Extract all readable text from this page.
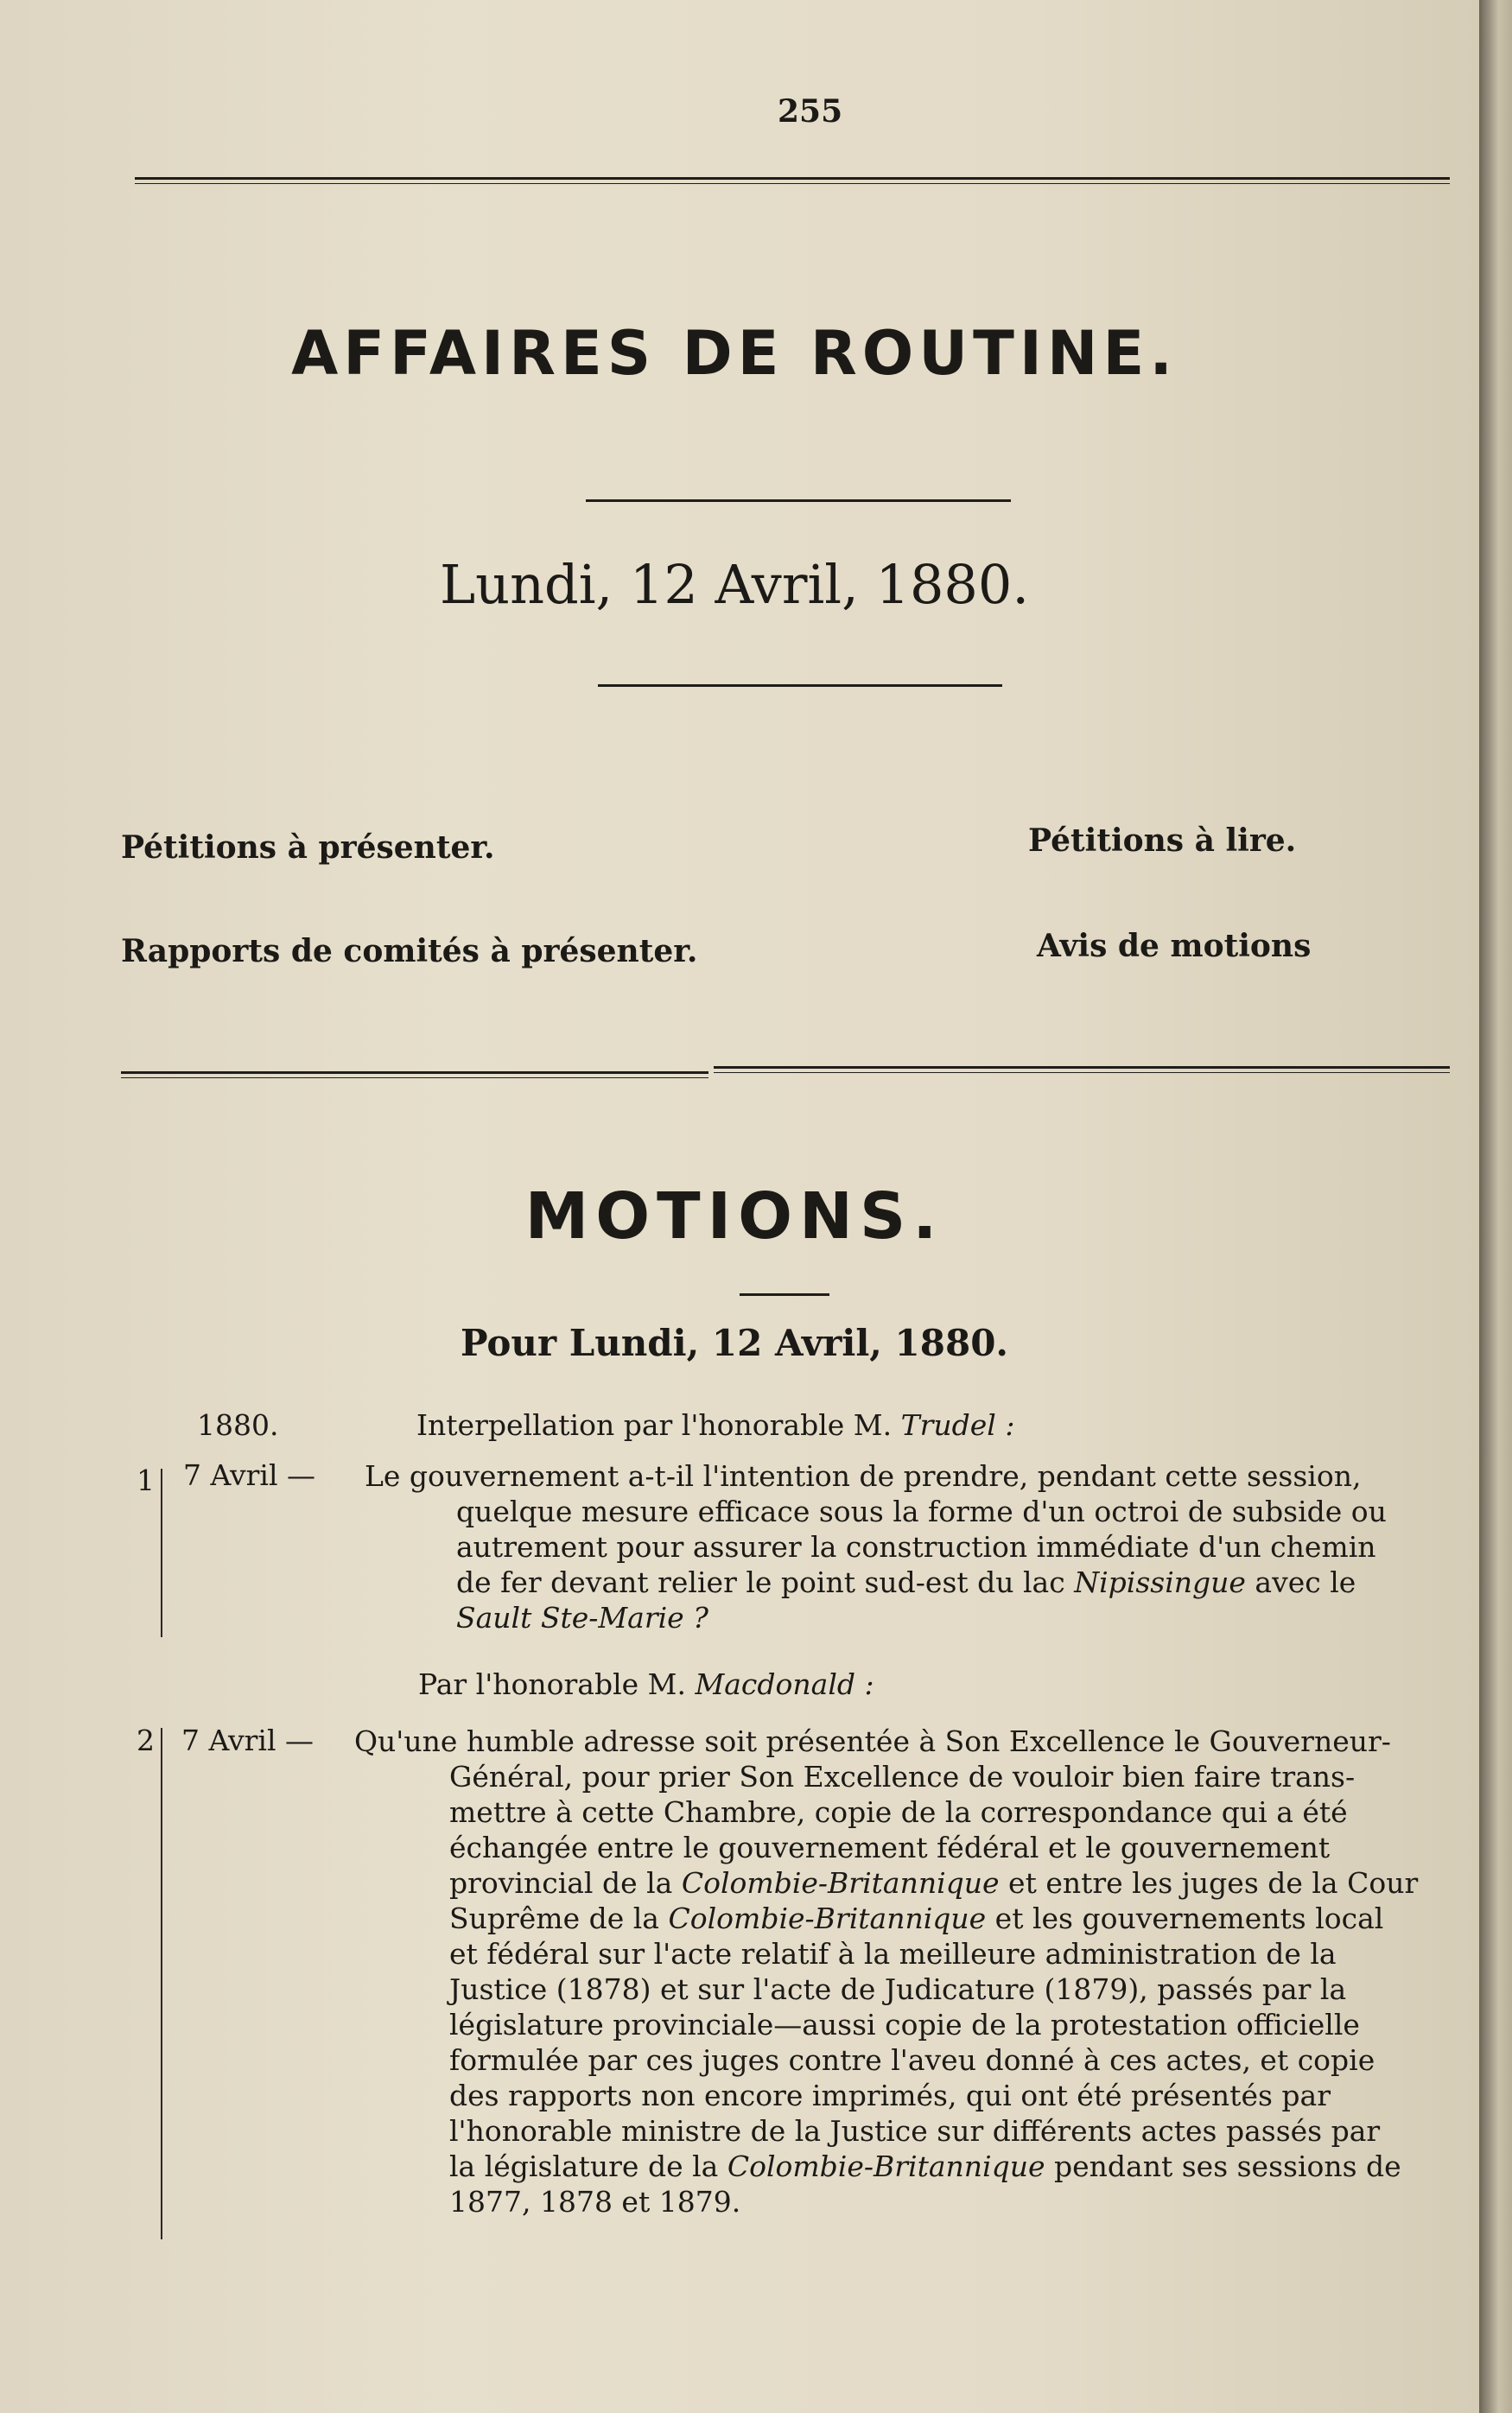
255
AFFAIRES DE ROUTINE.
Lundi, 12 Avril, 1880.
Pétitions à présenter.	Pétitions à lire.
Rapports de comités à présenter.	Avis de motions
MOTIONS.
Pour Lundi, 12 Avril, 1880.
1880.	Interpellation par l'honorable M. Trudel :
1 7 Avril — Le gouvernement a-t-il l'intention de prendre, pendant cette session,
quelque mesure efficace sous la forme d'un octroi de subside ou
autrement pour assurer la construction immédiate d'un chemin
de fer devant relier le point sud-est du lac Nipissingue avec le
Sault Ste-Marie ?
Par l'honorable M. Macdonald :
2 7 Avril — Qu'une humble adresse soit présentée à Son Excellence le Gouverneur-
Général, pour prier Son Excellence de vouloir bien faire trans-
mettre à cette Chambre, copie de la correspondance qui a été
échangée entre le gouvernement fédéral et le gouvernement
provincial de la Colombie-Britannique et entre les juges de la Cour
Suprême de la Colombie-Britannique et les gouvernements local
et fédéral sur l'acte relatif à la meilleure administration de la
Justice (1878) et sur l'acte de Judicature (1879), passés par la
législature provinciale—aussi copie de la protestation officielle
formulée par ces juges contre l'aveu donné à ces actes, et copie
des rapports non encore imprimés, qui ont été présentés par
l'honorable ministre de la Justice sur différents actes passés par
la législature de la Colombie-Britannique pendant ses sessions de
1877, 1878 et 1879.
